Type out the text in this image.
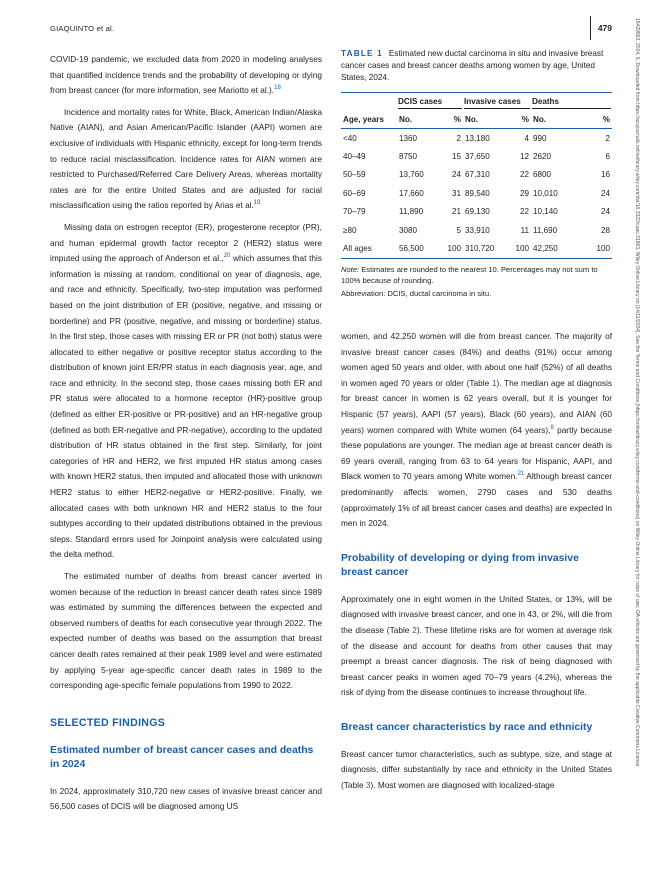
GIAQUINTO et al.	479	15429863, 2024, 6, Downloaded from https://acsjournals.onlinelibrary.wiley.com/doi/10.3322/caac.21863, Wiley Online Library on [14/11/2024]. See the Terms and Conditions (https://onlinelibrary.wiley.com/terms-and-conditions) on Wiley Online Library for rules of use; OA articles are governed by the applicable Creative Commons License

COVID-19 pandemic, we excluded data from 2020 in modeling analyses that quantified incidence trends and the probability of developing or dying from breast cancer (for more information, see Mariotto et al.).$^{18}$

Incidence and mortality rates for White, Black, American Indian/Alaska Native (AIAN), and Asian American/Pacific Islander (AAPI) women are exclusive of individuals with Hispanic ethnicity, except for long-term trends to reduce racial misclassification. Incidence rates for AIAN women are restricted to Purchased/Referred Care Delivery Areas, whereas mortality rates are for the entire United States and are adjusted for racial misclassification using the ratios reported by Arias et al.$^{19}$

Missing data on estrogen receptor (ER), progesterone receptor (PR), and human epidermal growth factor receptor 2 (HER2) status were imputed using the approach of Anderson et al.,$^{20}$ which assumes that this information is missing at random, conditional on year of diagnosis, age, and race and ethnicity. Specifically, two-step imputation was performed based on the joint distribution of ER (positive, negative, and missing or borderline) and PR (positive, negative, and missing or borderline) status. In the first step, those cases with missing ER or PR (not both) status were allocated to either negative or positive receptor status according to the distribution of known joint ER/PR status in each diagnosis year, age, and race and ethnicity. In the second step, those cases missing both ER and PR status were allocated to a hormone receptor (HR)-positive group (defined as either ER-positive or PR-positive) and an HR-negative group (defined as both ER-negative and PR-negative), according to the updated distribution of HR status obtained in the first step. Similarly, for joint categories of HR and HER2, we first imputed HR status among cases with known HER2 status, then imputed and allocated those with unknown HER2 status to either HER2-negative or HER2-positive. Finally, we allocated cases with both unknown HR and HER2 status to the four subtypes according to their updated distributions obtained in the previous steps. Standard errors used for Joinpoint analysis were calculated using the delta method.

The estimated number of deaths from breast cancer averted in women because of the reduction in breast cancer death rates since 1989 was estimated by summing the differences between the expected and observed numbers of deaths for each consecutive year through 2022. The expected number of deaths was based on the assumption that breast cancer death rates remained at their peak 1989 level and were estimated by applying 5-year age-specific cancer death rates in 1989 to the corresponding age-specific female populations from 1990 to 2022.

SELECTED FINDINGS
Estimated number of breast cancer cases and deaths in 2024

In 2024, approximately 310,720 new cases of invasive breast cancer and 56,500 cases of DCIS will be diagnosed among US

TABLE 1 Estimated new ductal carcinoma in situ and invasive breast cancer cases and breast cancer deaths among women by age, United States, 2024.
	DCIS cases		Invasive cases		Deaths	
Age, years	No.	%	No.	%	No.	%
<40	1360	2	13,180	4	990	2
40–49	8750	15	37,650	12	2620	6
50–59	13,760	24	67,310	22	6800	16
60–69	17,660	31	89,540	29	10,010	24
70–79	11,890	21	69,130	22	10,140	24
≥80	3080	5	33,910	11	11,690	28
All ages	56,500	100	310,720	100	42,250	100
Note: Estimates are rounded to the nearest 10. Percentages may not sum to 100% because of rounding.
Abbreviation: DCIS, ductal carcinoma in situ.

women, and 42,250 women will die from breast cancer. The majority of invasive breast cancer cases (84%) and deaths (91%) occur among women aged 50 years and older, with about one half (52%) of all deaths in women aged 70 years or older (Table 1). The median age at diagnosis for breast cancer in women is 62 years overall, but it is younger for Hispanic (57 years), AAPI (57 years), Black (60 years), and AIAN (60 years) women compared with White women (64 years),$^8$ partly because these populations are younger. The median age at breast cancer death is 69 years overall, ranging from 63 to 64 years for Hispanic, AAPI, and Black women to 70 years among White women.$^{21}$ Although breast cancer predominantly affects women, 2790 cases and 530 deaths (approximately 1% of all breast cancer cases and deaths) are expected in men in 2024.

Probability of developing or dying from invasive breast cancer

Approximately one in eight women in the United States, or 13%, will be diagnosed with invasive breast cancer, and one in 43, or 2%, will die from the disease (Table 2). These lifetime risks are for women at average risk of the disease and account for deaths from other causes that may preempt a breast cancer diagnosis. The risk of being diagnosed with breast cancer peaks in women aged 70–79 years (4.2%), whereas the risk of dying from the disease continues to increase throughout life.

Breast cancer characteristics by race and ethnicity

Breast cancer tumor characteristics, such as subtype, size, and stage at diagnosis, differ substantially by race and ethnicity in the United States (Table 3). Most women are diagnosed with localized-stage
